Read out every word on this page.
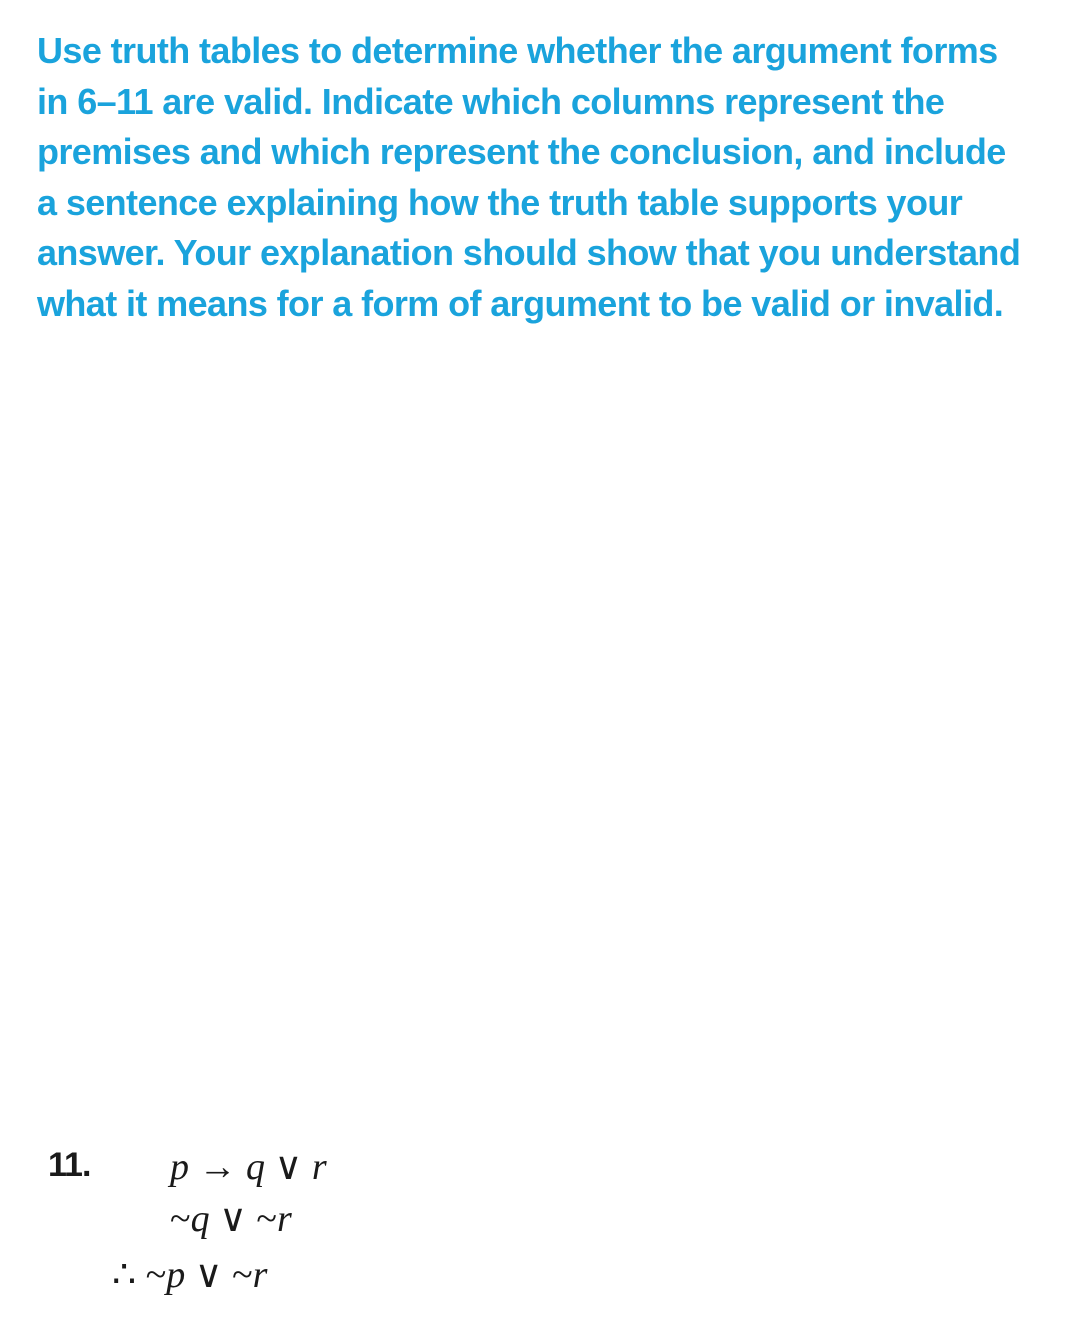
Use truth tables to determine whether the argument forms
in 6–11 are valid. Indicate which columns represent the
premises and which represent the conclusion, and include
a sentence explaining how the truth table supports your
answer. Your explanation should show that you understand
what it means for a form of argument to be valid or invalid.
11. p → q ∨ r
~q ∨ ~r
∴ ~p ∨ ~r
